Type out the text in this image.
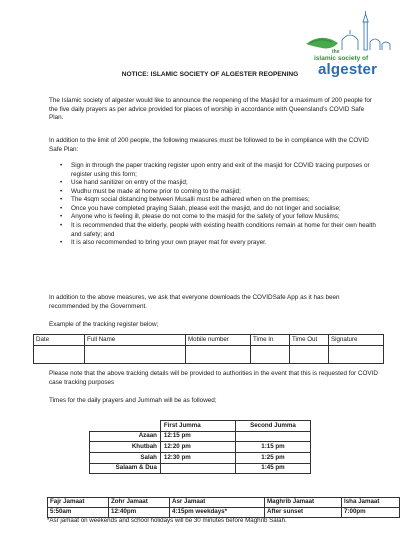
the
islamic society of
algester
NOTICE: ISLAMIC SOCIETY OF ALGESTER REOPENING
The Islamic society of algester would like to announce the reopening of the Masjid for a maximum of 200 people for the five daily prayers as per advice provided for places of worship in accordance with Queensland’s COVID Safe Plan.
In addition to the limit of 200 people, the following measures must be followed to be in compliance with the COVID Safe Plan:
• Sign in through the paper tracking register upon entry and exit of the masjid for COVID tracing purposes or register using this form;
• Use hand sanitizer on entry of the masjid;
• Wudhu must be made at home prior to coming to the masjid;
• The 4sqm social distancing between Musalli must be adhered when on the premises;
• Once you have completed praying Salah, please exit the masjid, and do not linger and socialise;
• Anyone who is feeling ill, please do not come to the masjid for the safety of your fellow Muslims;
• It is recommended that the elderly, people with existing health conditions remain at home for their own health and safety; and
• It is also recommended to bring your own prayer mat for every prayer.
In addition to the above measures, we ask that everyone downloads the COVIDSafe App as it has been recommended by the Government.
Example of the tracking register below;
Date	Full Name	Mobile number	Time In	Time Out	Signature

Please note that the above tracking details will be provided to authorities in the event that this is requested for COVID case tracking purposes
Times for the daily prayers and Jummah will be as followed;
	First Jumma	Second Jumma
Azaan	12:15 pm	
Khutbah	12:20 pm	1:15 pm
Salah	12:30 pm	1:25 pm
Salaam & Dua		1:45 pm
Fajr Jamaat	Zohr Jamaat	Asr Jamaat	Maghrib Jamaat	Isha Jamaat
5:50am	12:40pm	4:15pm weekdays*	After sunset	7:00pm
*Asr jamaat on weekends and school holidays will be 30 minutes before Maghrib Salah.
